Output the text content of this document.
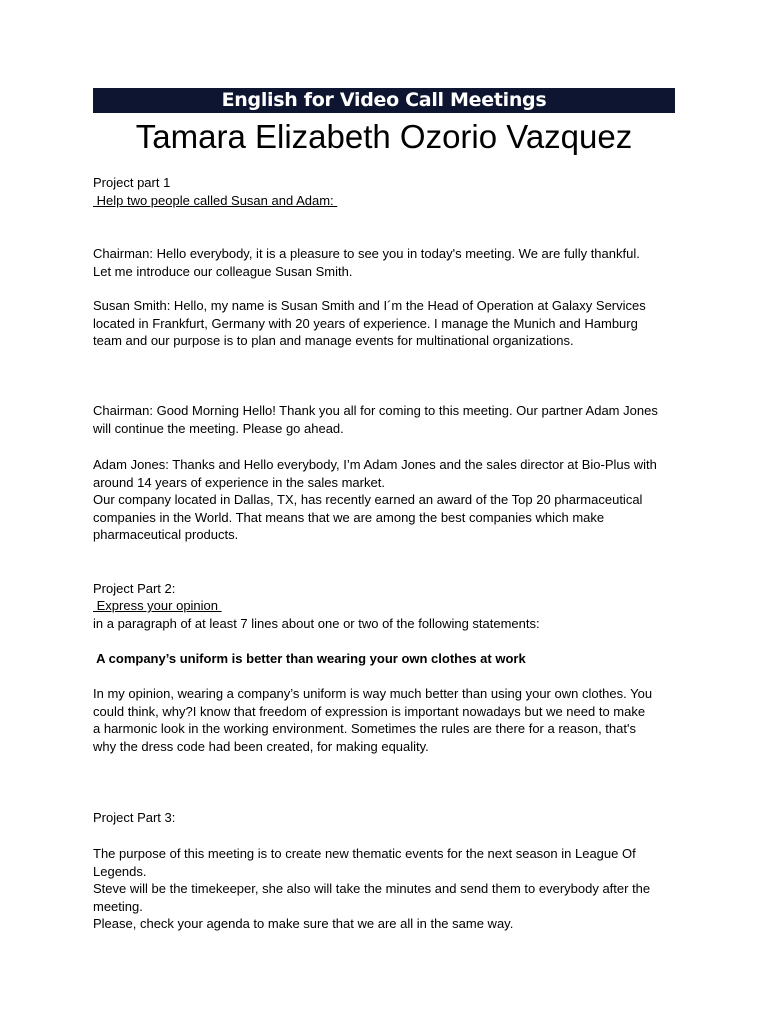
English for Video Call Meetings
Tamara Elizabeth Ozorio Vazquez
Project part 1
Help two people called Susan and Adam:
Chairman: Hello everybody, it is a pleasure to see you in today's meeting. We are fully thankful. Let me introduce our colleague Susan Smith.
Susan Smith: Hello, my name is Susan Smith and I´m the Head of Operation at Galaxy Services located in Frankfurt, Germany with 20 years of experience. I manage the Munich and Hamburg team and our purpose is to plan and manage events for multinational organizations.
Chairman: Good Morning Hello! Thank you all for coming to this meeting. Our partner Adam Jones will continue the meeting. Please go ahead.
Adam Jones: Thanks and Hello everybody, I’m Adam Jones and the sales director at Bio-Plus with around 14 years of experience in the sales market.
Our company located in Dallas, TX, has recently earned an award of the Top 20 pharmaceutical companies in the World. That means that we are among the best companies which make pharmaceutical products.
Project Part 2:
Express your opinion
in a paragraph of at least 7 lines about one or two of the following statements:
A company’s uniform is better than wearing your own clothes at work
In my opinion, wearing a company’s uniform is way much better than using your own clothes. You could think, why?I know that freedom of expression is important nowadays but we need to make a harmonic look in the working environment. Sometimes the rules are there for a reason, that's why the dress code had been created, for making equality.
Project Part 3:
The purpose of this meeting is to create new thematic events for the next season in League Of Legends.
Steve will be the timekeeper, she also will take the minutes and send them to everybody after the meeting.
Please, check your agenda to make sure that we are all in the same way.
